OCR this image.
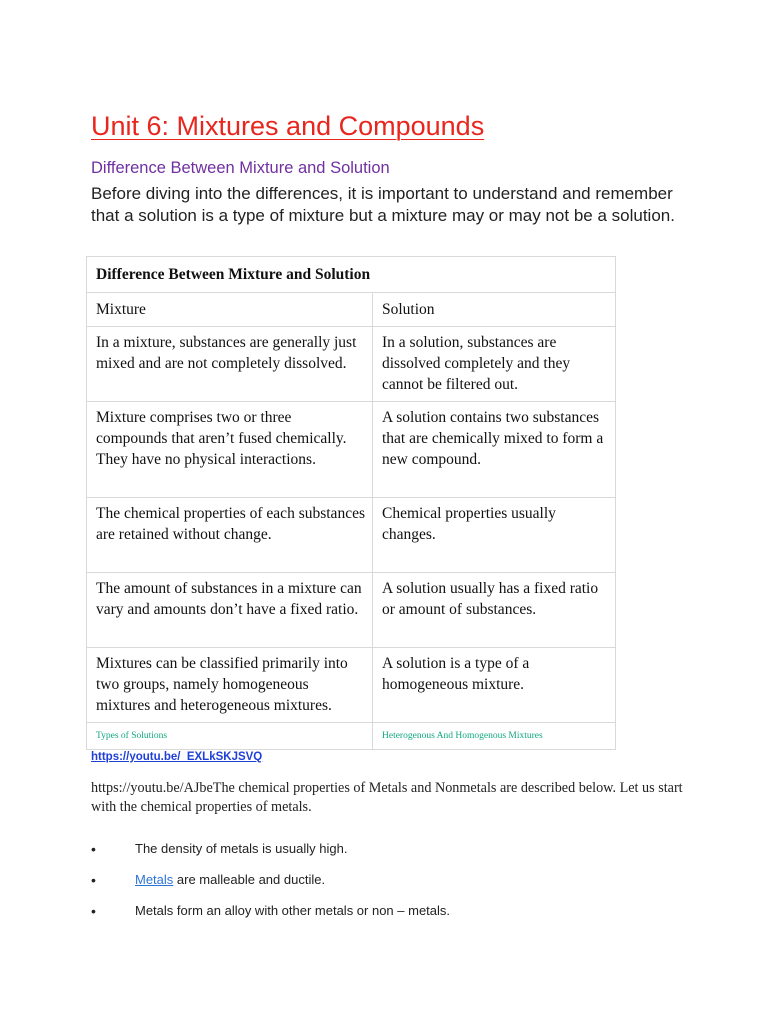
Unit 6: Mixtures and Compounds
Difference Between Mixture and Solution

Before diving into the differences, it is important to understand and remember that a solution is a type of mixture but a mixture may or may not be a solution.

Difference Between Mixture and Solution	
Mixture	Solution
In a mixture, substances are generally just mixed and are not completely dissolved.	In a solution, substances are dissolved completely and they cannot be filtered out.
Mixture comprises two or three compounds that aren’t fused chemically. They have no physical interactions.	A solution contains two substances that are chemically mixed to form a new compound.
The chemical properties of each substances are retained without change.	Chemical properties usually changes.
The amount of substances in a mixture can vary and amounts don’t have a fixed ratio.	A solution usually has a fixed ratio or amount of substances.
Mixtures can be classified primarily into two groups, namely homogeneous mixtures and heterogeneous mixtures.	A solution is a type of a homogeneous mixture.
Types of Solutions	Heterogenous And Homogenous Mixtures
https://youtu.be/_EXLkSKJSVQ

https://youtu.be/AJbeThe chemical properties of Metals and Nonmetals are described below. Let us start with the chemical properties of metals.

•	The density of metals is usually high.
•	Metals are malleable and ductile.
•	Metals form an alloy with other metals or non – metals.
